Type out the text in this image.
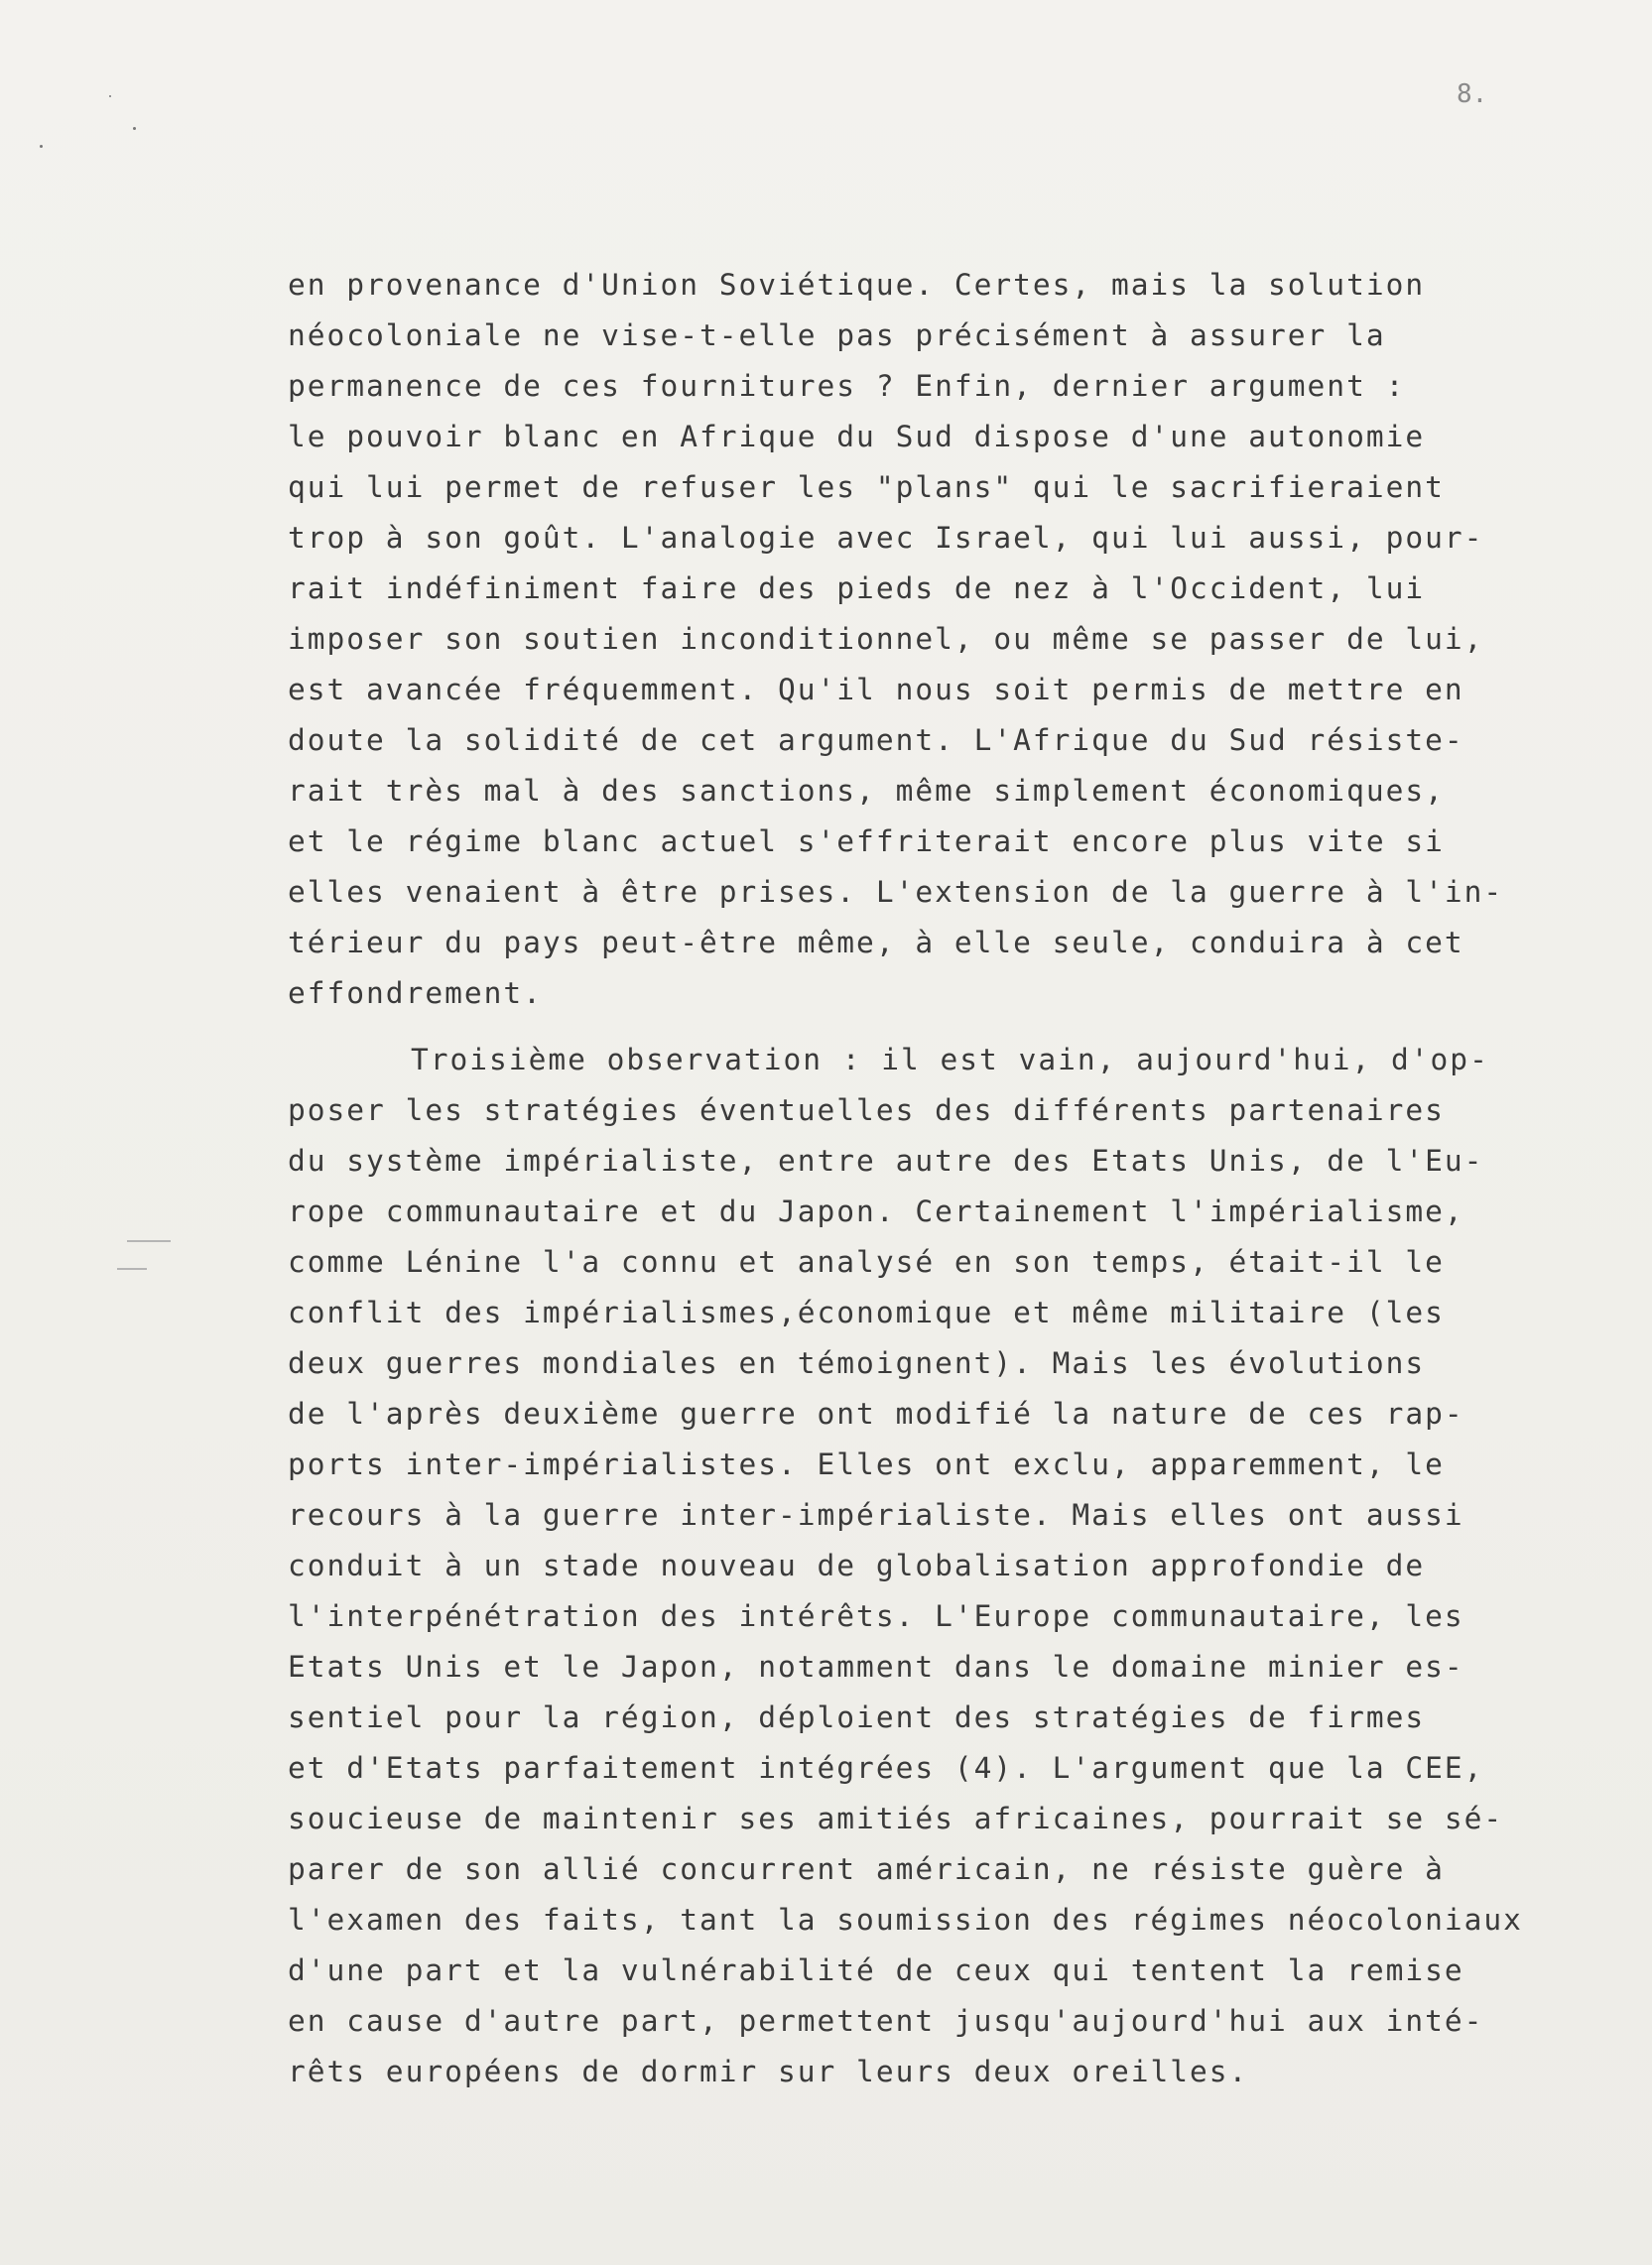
8.

en provenance d'Union Soviétique. Certes, mais la solution

néocoloniale ne vise-t-elle pas précisément à assurer la

permanence de ces fournitures ? Enfin, dernier argument :

le pouvoir blanc en Afrique du Sud dispose d'une autonomie

qui lui permet de refuser les "plans" qui le sacrifieraient

trop à son goût. L'analogie avec Israel, qui lui aussi, pour-

rait indéfiniment faire des pieds de nez à l'Occident, lui

imposer son soutien inconditionnel, ou même se passer de lui,

est avancée fréquemment. Qu'il nous soit permis de mettre en

doute la solidité de cet argument. L'Afrique du Sud résiste-

rait très mal à des sanctions, même simplement économiques,

et le régime blanc actuel s'effriterait encore plus vite si

elles venaient à être prises. L'extension de la guerre à l'in-

térieur du pays peut-être même, à elle seule, conduira à cet

effondrement.

Troisième observation : il est vain, aujourd'hui, d'op-

poser les stratégies éventuelles des différents partenaires

du système impérialiste, entre autre des Etats Unis, de l'Eu-

rope communautaire et du Japon. Certainement l'impérialisme,

comme Lénine l'a connu et analysé en son temps, était-il le

conflit des impérialismes,économique et même militaire (les

deux guerres mondiales en témoignent). Mais les évolutions

de l'après deuxième guerre ont modifié la nature de ces rap-

ports inter-impérialistes. Elles ont exclu, apparemment, le

recours à la guerre inter-impérialiste. Mais elles ont aussi

conduit à un stade nouveau de globalisation approfondie de

l'interpénétration des intérêts. L'Europe communautaire, les

Etats Unis et le Japon, notamment dans le domaine minier es-

sentiel pour la région, déploient des stratégies de firmes

et d'Etats parfaitement intégrées (4). L'argument que la CEE,

soucieuse de maintenir ses amitiés africaines, pourrait se sé-

parer de son allié concurrent américain, ne résiste guère à

l'examen des faits, tant la soumission des régimes néocoloniaux

d'une part et la vulnérabilité de ceux qui tentent la remise

en cause d'autre part, permettent jusqu'aujourd'hui aux inté-

rêts européens de dormir sur leurs deux oreilles.
